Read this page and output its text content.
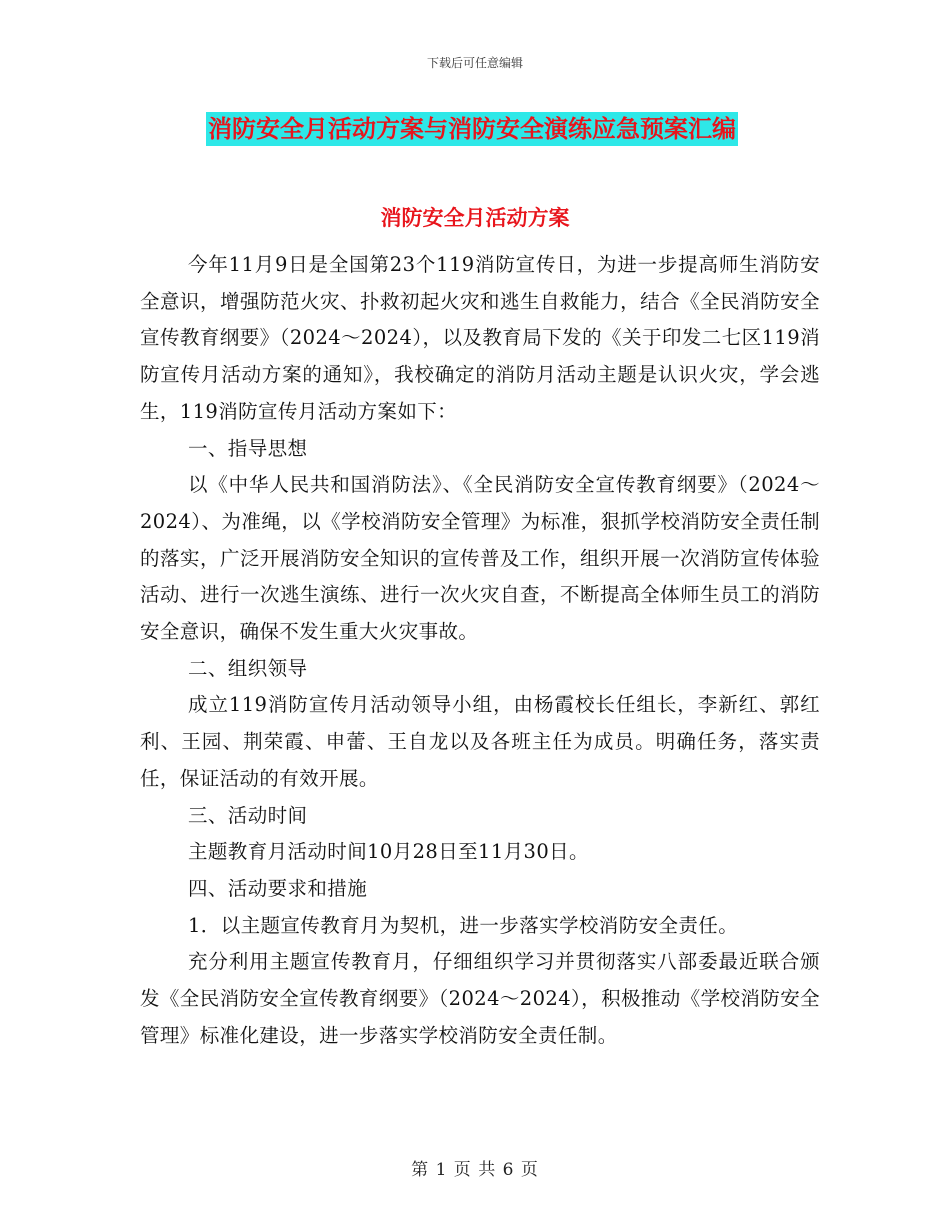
下载后可任意编辑
消防安全月活动方案与消防安全演练应急预案汇编
消防安全月活动方案

今年11月9日是全国第23个119消防宣传日，为进一步提高师生消防安全意识，增强防范火灾、扑救初起火灾和逃生自救能力，结合《全民消防安全宣传教育纲要》（2024～2024），以及教育局下发的《关于印发二七区119消防宣传月活动方案的通知》，我校确定的消防月活动主题是认识火灾，学会逃生，119消防宣传月活动方案如下：

一、指导思想

以《中华人民共和国消防法》、《全民消防安全宣传教育纲要》（2024～2024）、为准绳，以《学校消防安全管理》为标准，狠抓学校消防安全责任制的落实，广泛开展消防安全知识的宣传普及工作，组织开展一次消防宣传体验活动、进行一次逃生演练、进行一次火灾自查，不断提高全体师生员工的消防安全意识，确保不发生重大火灾事故。

二、组织领导

成立119消防宣传月活动领导小组，由杨霞校长任组长，李新红、郭红利、王园、荆荣霞、申蕾、王自龙以及各班主任为成员。明确任务，落实责任，保证活动的有效开展。

三、活动时间

主题教育月活动时间10月28日至11月30日。

四、活动要求和措施

1．以主题宣传教育月为契机，进一步落实学校消防安全责任。

充分利用主题宣传教育月，仔细组织学习并贯彻落实八部委最近联合颁发《全民消防安全宣传教育纲要》（2024～2024），积极推动《学校消防安全管理》标准化建设，进一步落实学校消防安全责任制。

第 1 页 共 6 页
